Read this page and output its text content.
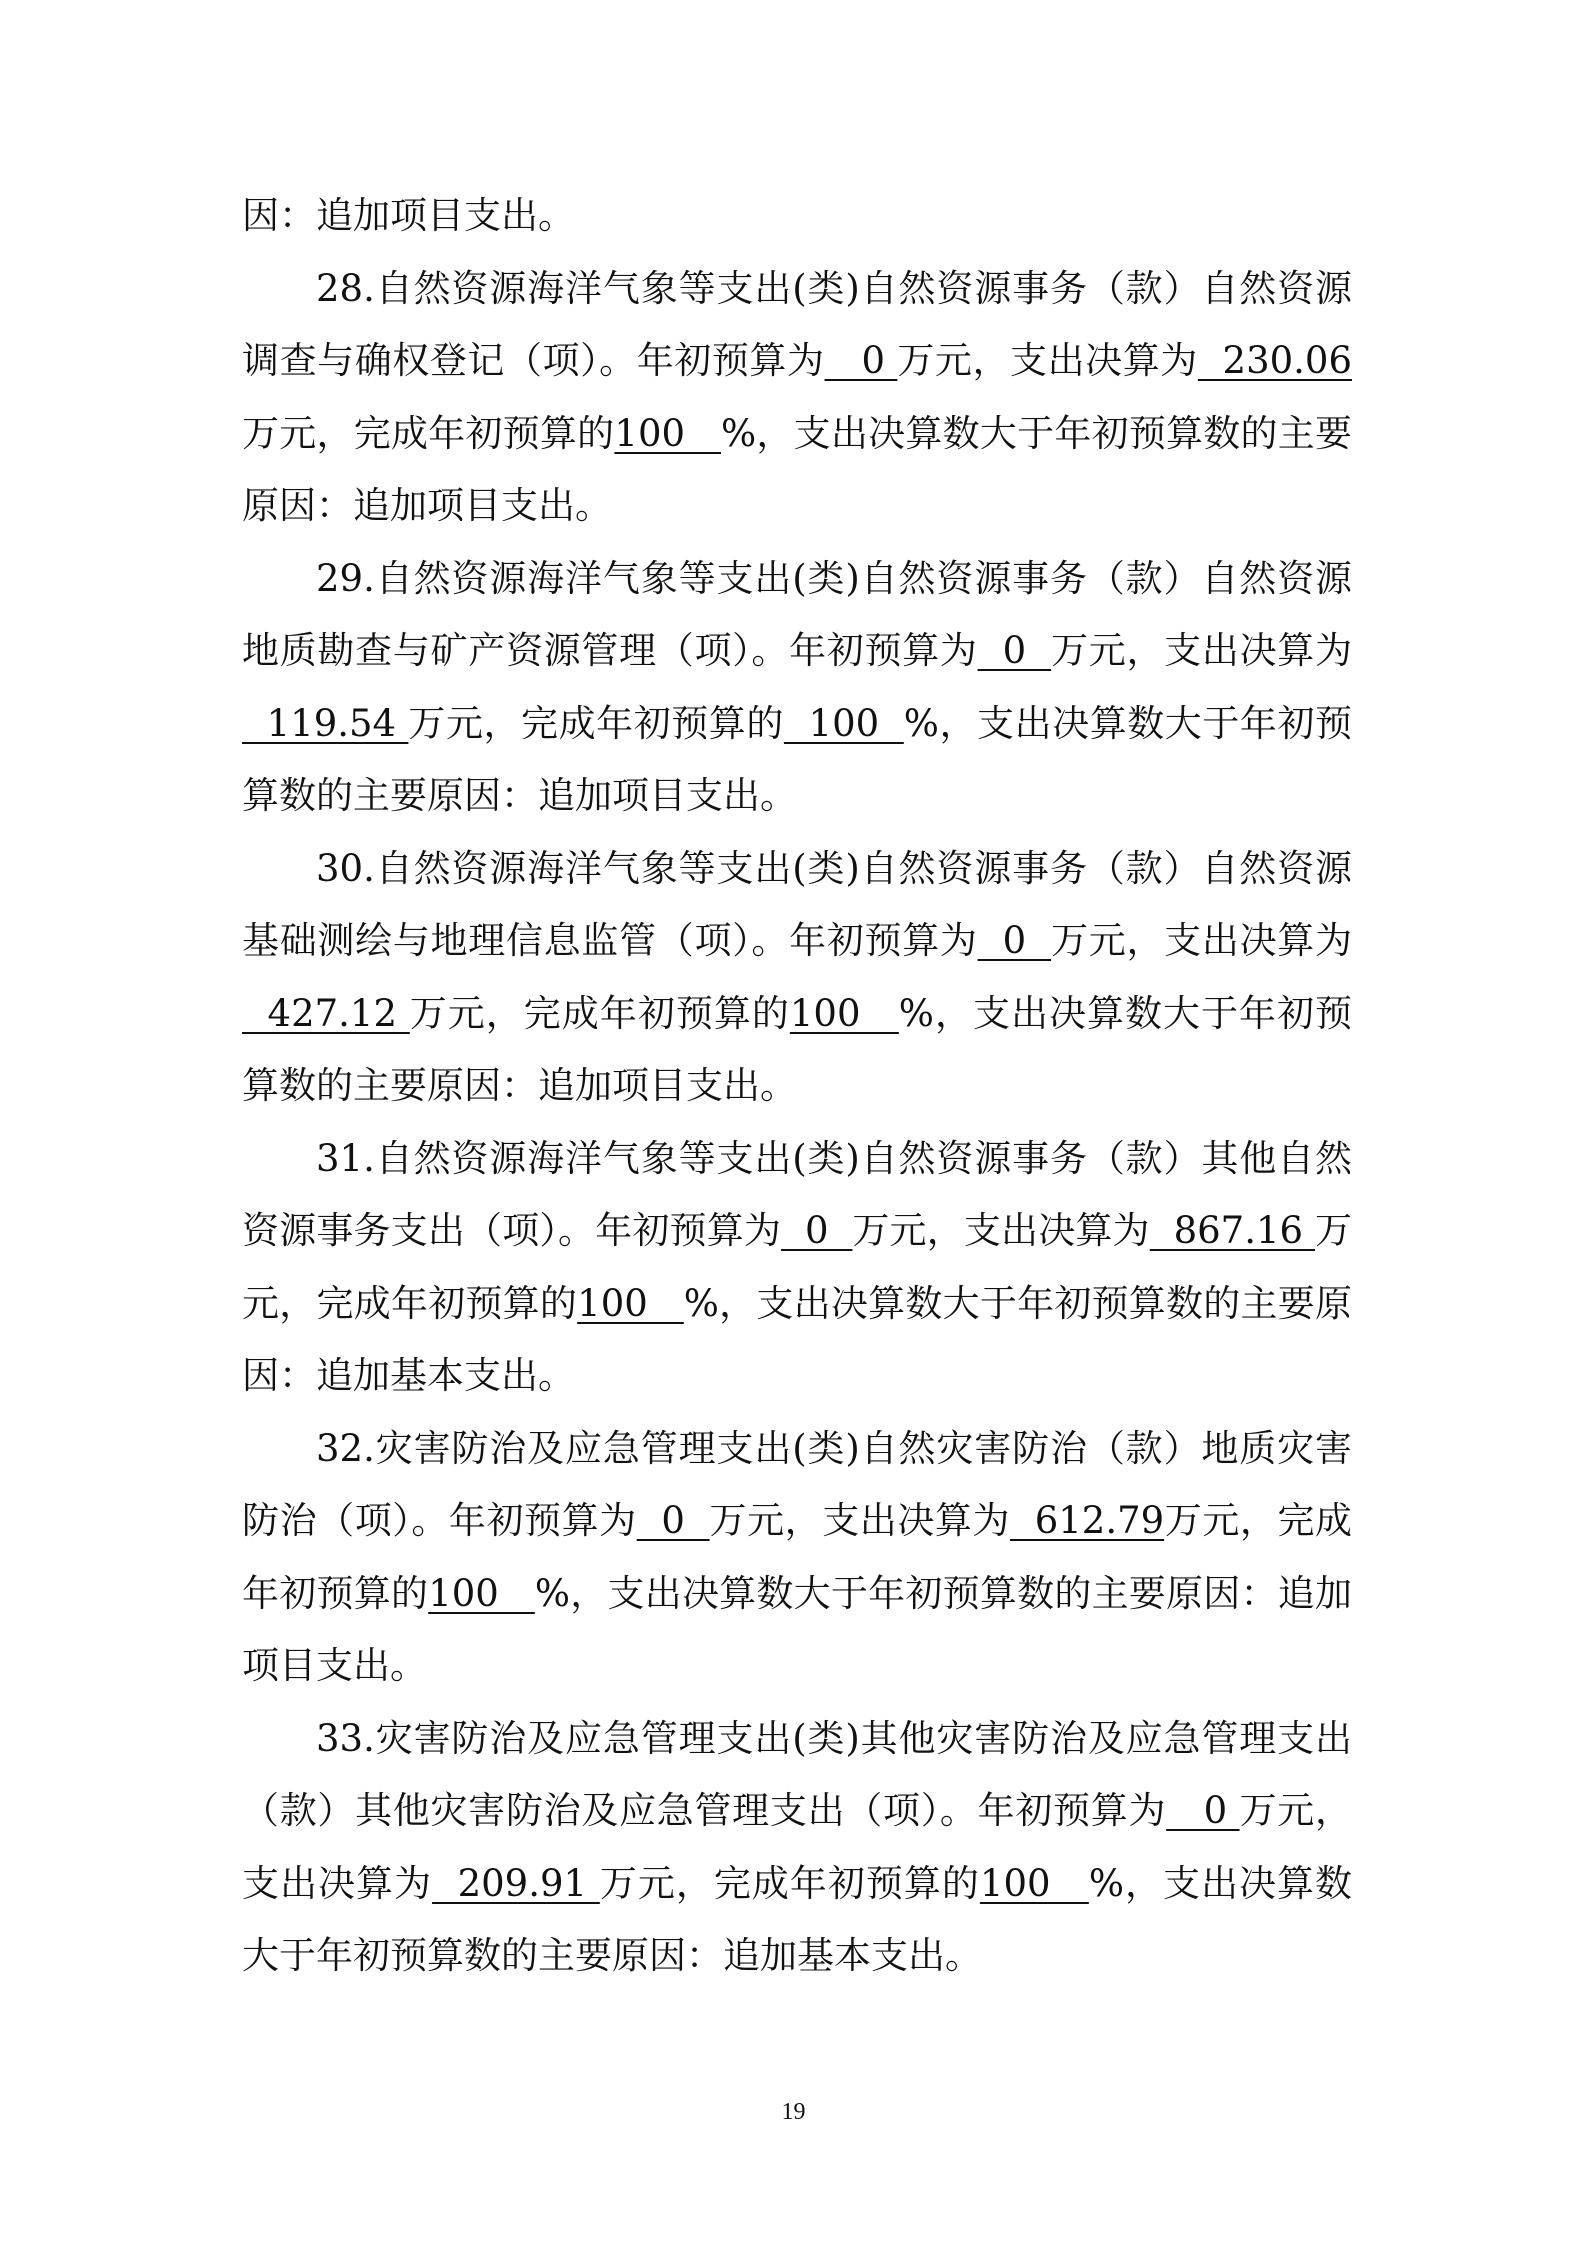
因：追加项目支出。

28.自然资源海洋气象等支出(类)自然资源事务（款）自然资源调查与确权登记（项）。年初预算为   0 万元，支出决算为  230.06万元，完成年初预算的100   %，支出决算数大于年初预算数的主要原因：追加项目支出。

29.自然资源海洋气象等支出(类)自然资源事务（款）自然资源地质勘查与矿产资源管理（项）。年初预算为  0  万元，支出决算为  119.54 万元，完成年初预算的  100  %，支出决算数大于年初预算数的主要原因：追加项目支出。

30.自然资源海洋气象等支出(类)自然资源事务（款）自然资源基础测绘与地理信息监管（项）。年初预算为  0  万元，支出决算为  427.12 万元，完成年初预算的100   %，支出决算数大于年初预算数的主要原因：追加项目支出。

31.自然资源海洋气象等支出(类)自然资源事务（款）其他自然资源事务支出（项）。年初预算为  0  万元，支出决算为  867.16 万元，完成年初预算的100   %，支出决算数大于年初预算数的主要原因：追加基本支出。

32.灾害防治及应急管理支出(类)自然灾害防治（款）地质灾害防治（项）。年初预算为  0  万元，支出决算为  612.79万元，完成年初预算的100   %，支出决算数大于年初预算数的主要原因：追加项目支出。

33.灾害防治及应急管理支出(类)其他灾害防治及应急管理支出（款）其他灾害防治及应急管理支出（项）。年初预算为   0 万元，支出决算为  209.91 万元，完成年初预算的100   %，支出决算数大于年初预算数的主要原因：追加基本支出。

19
